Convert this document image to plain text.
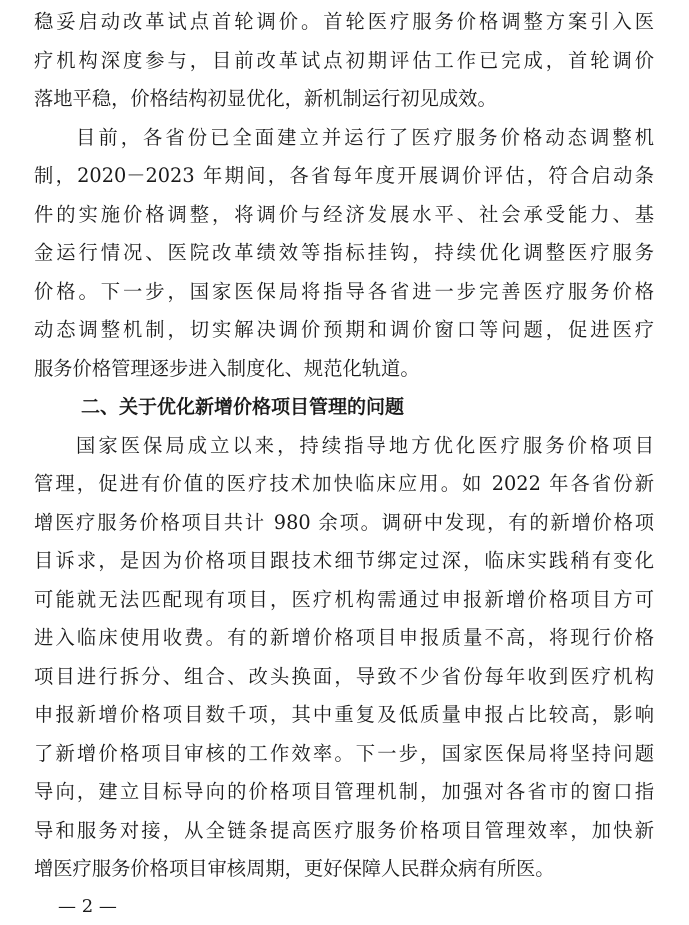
稳妥启动改革试点首轮调价。首轮医疗服务价格调整方案引入医
疗机构深度参与，目前改革试点初期评估工作已完成，首轮调价
落地平稳，价格结构初显优化，新机制运行初见成效。
目前，各省份已全面建立并运行了医疗服务价格动态调整机
制，2020－2023 年期间，各省每年度开展调价评估，符合启动条
件的实施价格调整，将调价与经济发展水平、社会承受能力、基
金运行情况、医院改革绩效等指标挂钩，持续优化调整医疗服务
价格。下一步，国家医保局将指导各省进一步完善医疗服务价格
动态调整机制，切实解决调价预期和调价窗口等问题，促进医疗
服务价格管理逐步进入制度化、规范化轨道。
二、关于优化新增价格项目管理的问题
国家医保局成立以来，持续指导地方优化医疗服务价格项目
管理，促进有价值的医疗技术加快临床应用。如 2022 年各省份新
增医疗服务价格项目共计 980 余项。调研中发现，有的新增价格项
目诉求，是因为价格项目跟技术细节绑定过深，临床实践稍有变化
可能就无法匹配现有项目，医疗机构需通过申报新增价格项目方可
进入临床使用收费。有的新增价格项目申报质量不高，将现行价格
项目进行拆分、组合、改头换面，导致不少省份每年收到医疗机构
申报新增价格项目数千项，其中重复及低质量申报占比较高，影响
了新增价格项目审核的工作效率。下一步，国家医保局将坚持问题
导向，建立目标导向的价格项目管理机制，加强对各省市的窗口指
导和服务对接，从全链条提高医疗服务价格项目管理效率，加快新
增医疗服务价格项目审核周期，更好保障人民群众病有所医。
— 2 —
